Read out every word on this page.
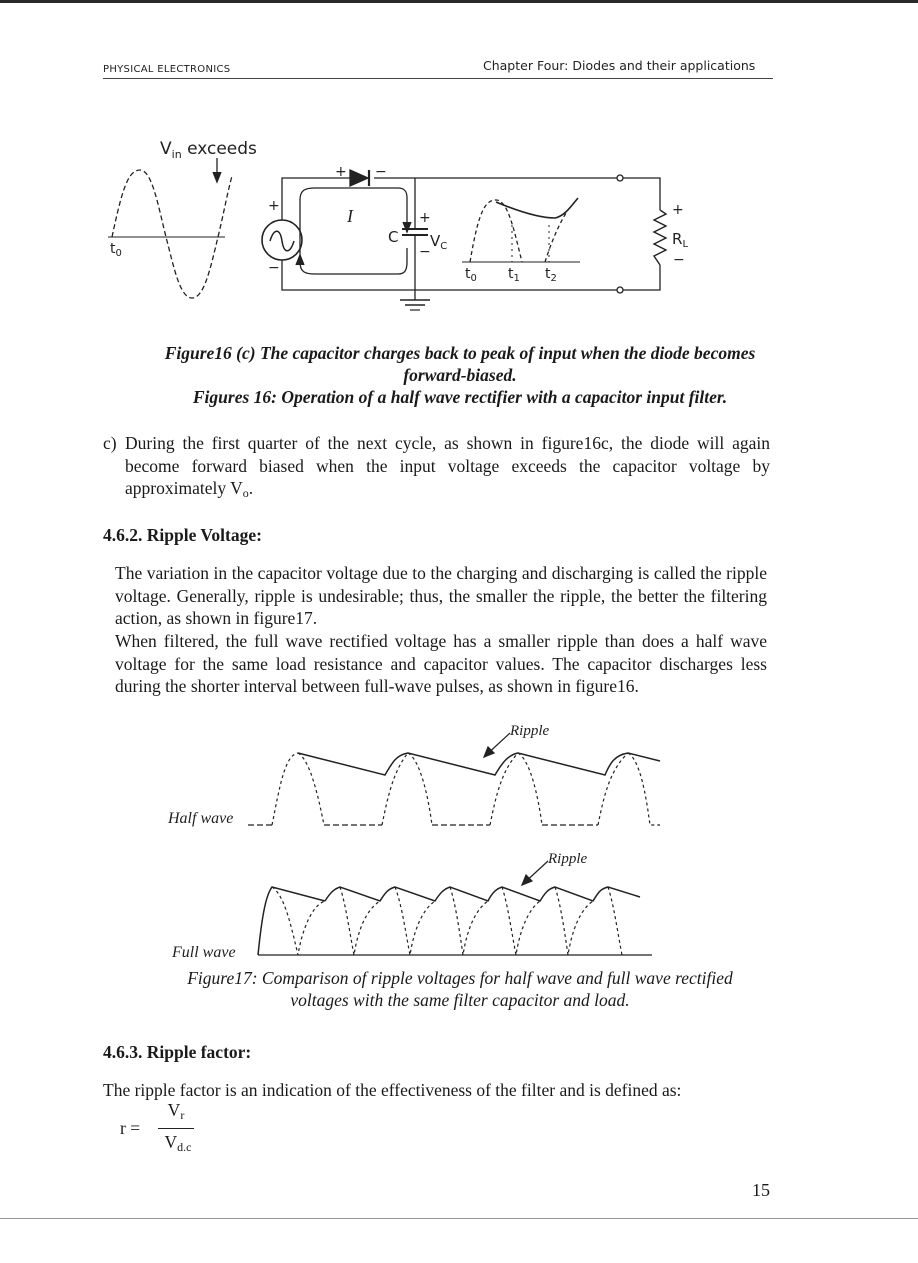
PHYSICAL ELECTRONICS	Chapter Four: Diodes and their applications
$V_{in}$ exceeds
$t_0$
+
−
+ −
I
C
+
−
$V_C$
+
$R_L$
−
$t_0$ $t_1$ $t_2$
Figure16 (c) The capacitor charges back to peak of input when the diode becomes
forward-biased.
Figures 16: Operation of a half wave rectifier with a capacitor input filter.
c) During the first quarter of the next cycle, as shown in figure16c, the diode will again become forward biased when the input voltage exceeds the capacitor voltage by approximately $V_o$.
4.6.2. Ripple Voltage:
The variation in the capacitor voltage due to the charging and discharging is called the ripple voltage. Generally, ripple is undesirable; thus, the smaller the ripple, the better the filtering action, as shown in figure17.
When filtered, the full wave rectified voltage has a smaller ripple than does a half wave voltage for the same load resistance and capacitor values. The capacitor discharges less during the shorter interval between full-wave pulses, as shown in figure16.
Ripple
Ripple
Half wave
Full wave
Figure17: Comparison of ripple voltages for half wave and full wave rectified
voltages with the same filter capacitor and load.
4.6.3. Ripple factor:
The ripple factor is an indication of the effectiveness of the filter and is defined as:
r =
$V_r$
$V_{d.c}$
15
